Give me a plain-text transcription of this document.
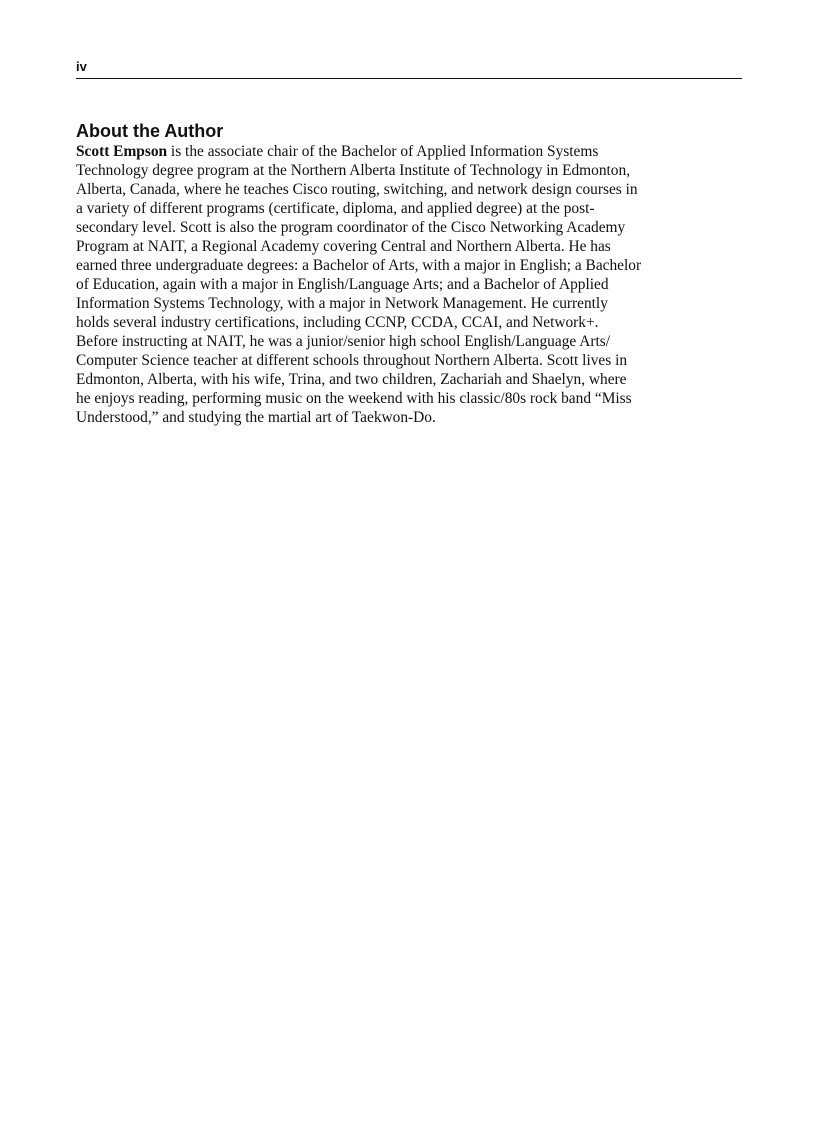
iv
About the Author

Scott Empson is the associate chair of the Bachelor of Applied Information Systems
Technology degree program at the Northern Alberta Institute of Technology in Edmonton,
Alberta, Canada, where he teaches Cisco routing, switching, and network design courses in
a variety of different programs (certificate, diploma, and applied degree) at the post-
secondary level. Scott is also the program coordinator of the Cisco Networking Academy
Program at NAIT, a Regional Academy covering Central and Northern Alberta. He has
earned three undergraduate degrees: a Bachelor of Arts, with a major in English; a Bachelor
of Education, again with a major in English/Language Arts; and a Bachelor of Applied
Information Systems Technology, with a major in Network Management. He currently
holds several industry certifications, including CCNP, CCDA, CCAI, and Network+.
Before instructing at NAIT, he was a junior/senior high school English/Language Arts/
Computer Science teacher at different schools throughout Northern Alberta. Scott lives in
Edmonton, Alberta, with his wife, Trina, and two children, Zachariah and Shaelyn, where
he enjoys reading, performing music on the weekend with his classic/80s rock band “Miss
Understood,” and studying the martial art of Taekwon-Do.
